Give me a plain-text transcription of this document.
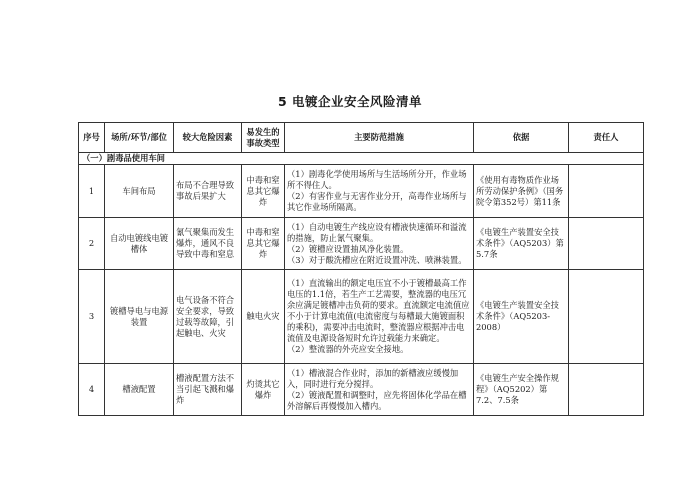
5 电镀企业安全风险清单
序号	场所/环节/部位	较大危险因素	易发生的事故类型	主要防范措施	依据	责任人
（一）剧毒品使用车间						
1	车间布局	布局不合理导致事故后果扩大	中毒和窒息其它爆炸	（1）剧毒化学使用场所与生活场所分开，作业场所不得住人。
（2）有害作业与无害作业分开，高毒作业场所与其它作业场所隔离。	《使用有毒物质作业场所劳动保护条例》（国务院令第352号）第11条	
2	自动电镀线电镀槽体	氰气聚集而发生爆炸，通风不良导致中毒和窒息	中毒和窒息其它爆炸	（1）自动电镀生产线应设有槽液快速循环和溢流的措施，防止氰气聚集。
（2）镀槽应设置抽风净化装置。
（3）对于酸洗槽应在附近设置冲洗、喷淋装置。	《电镀生产装置安全技术条件》（AQ5203）第5.7条	
3	镀槽导电与电源装置	电气设备不符合安全要求，导致过载等故障，引起触电、火灾	触电火灾	（1）直流输出的额定电压宜不小于镀槽最高工作电压的1.1倍，若生产工艺需要，整流器的电压冗余应满足镀槽冲击负荷的要求。直流额定电流值应不小于计算电流值(电流密度与每槽最大施镀面积的乘积)，需要冲击电流时，整流器应根据冲击电流值及电源设备短时允许过载能力来确定。
（2）整流器的外壳应安全接地。	《电镀生产装置安全技术条件》（AQ5203-2008）	
4	槽液配置	槽液配置方法不当引起飞溅和爆炸	灼烫其它爆炸	（1）槽液混合作业时，添加的新槽液应缓慢加入，同时进行充分搅拌。
（2）镀液配置和调整时，应先将固体化学品在槽外溶解后再慢慢加入槽内。	《电镀生产安全操作规程》（AQ5202）第7.2、7.5条	
